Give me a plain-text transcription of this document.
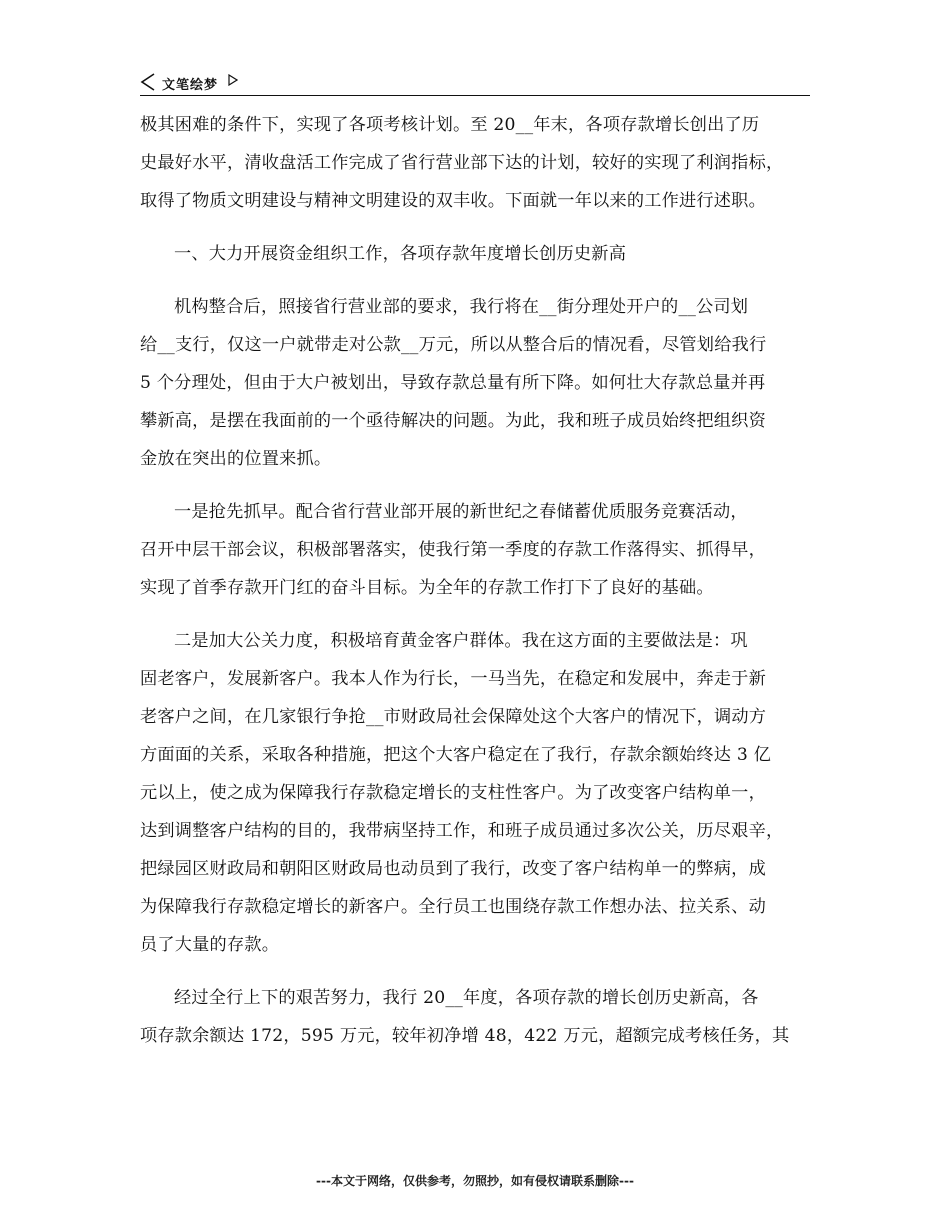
文笔绘梦
极其困难的条件下，实现了各项考核计划。至 20__年末，各项存款增长创出了历
史最好水平，清收盘活工作完成了省行营业部下达的计划，较好的实现了利润指标，
取得了物质文明建设与精神文明建设的双丰收。下面就一年以来的工作进行述职。
一、大力开展资金组织工作，各项存款年度增长创历史新高
机构整合后，照接省行营业部的要求，我行将在__街分理处开户的__公司划
给__支行，仅这一户就带走对公款__万元，所以从整合后的情况看，尽管划给我行
5 个分理处，但由于大户被划出，导致存款总量有所下降。如何壮大存款总量并再
攀新高，是摆在我面前的一个亟待解决的问题。为此，我和班子成员始终把组织资
金放在突出的位置来抓。
一是抢先抓早。配合省行营业部开展的新世纪之春储蓄优质服务竞赛活动，
召开中层干部会议，积极部署落实，使我行第一季度的存款工作落得实、抓得早，
实现了首季存款开门红的奋斗目标。为全年的存款工作打下了良好的基础。
二是加大公关力度，积极培育黄金客户群体。我在这方面的主要做法是：巩
固老客户，发展新客户。我本人作为行长，一马当先，在稳定和发展中，奔走于新
老客户之间，在几家银行争抢__市财政局社会保障处这个大客户的情况下，调动方
方面面的关系，采取各种措施，把这个大客户稳定在了我行，存款余额始终达 3 亿
元以上，使之成为保障我行存款稳定增长的支柱性客户。为了改变客户结构单一，
达到调整客户结构的目的，我带病坚持工作，和班子成员通过多次公关，历尽艰辛，
把绿园区财政局和朝阳区财政局也动员到了我行，改变了客户结构单一的弊病，成
为保障我行存款稳定增长的新客户。全行员工也围绕存款工作想办法、拉关系、动
员了大量的存款。
经过全行上下的艰苦努力，我行 20__年度，各项存款的增长创历史新高，各
项存款余额达 172，595 万元，较年初净增 48，422 万元，超额完成考核任务，其
---本文于网络，仅供参考，勿照抄，如有侵权请联系删除---
